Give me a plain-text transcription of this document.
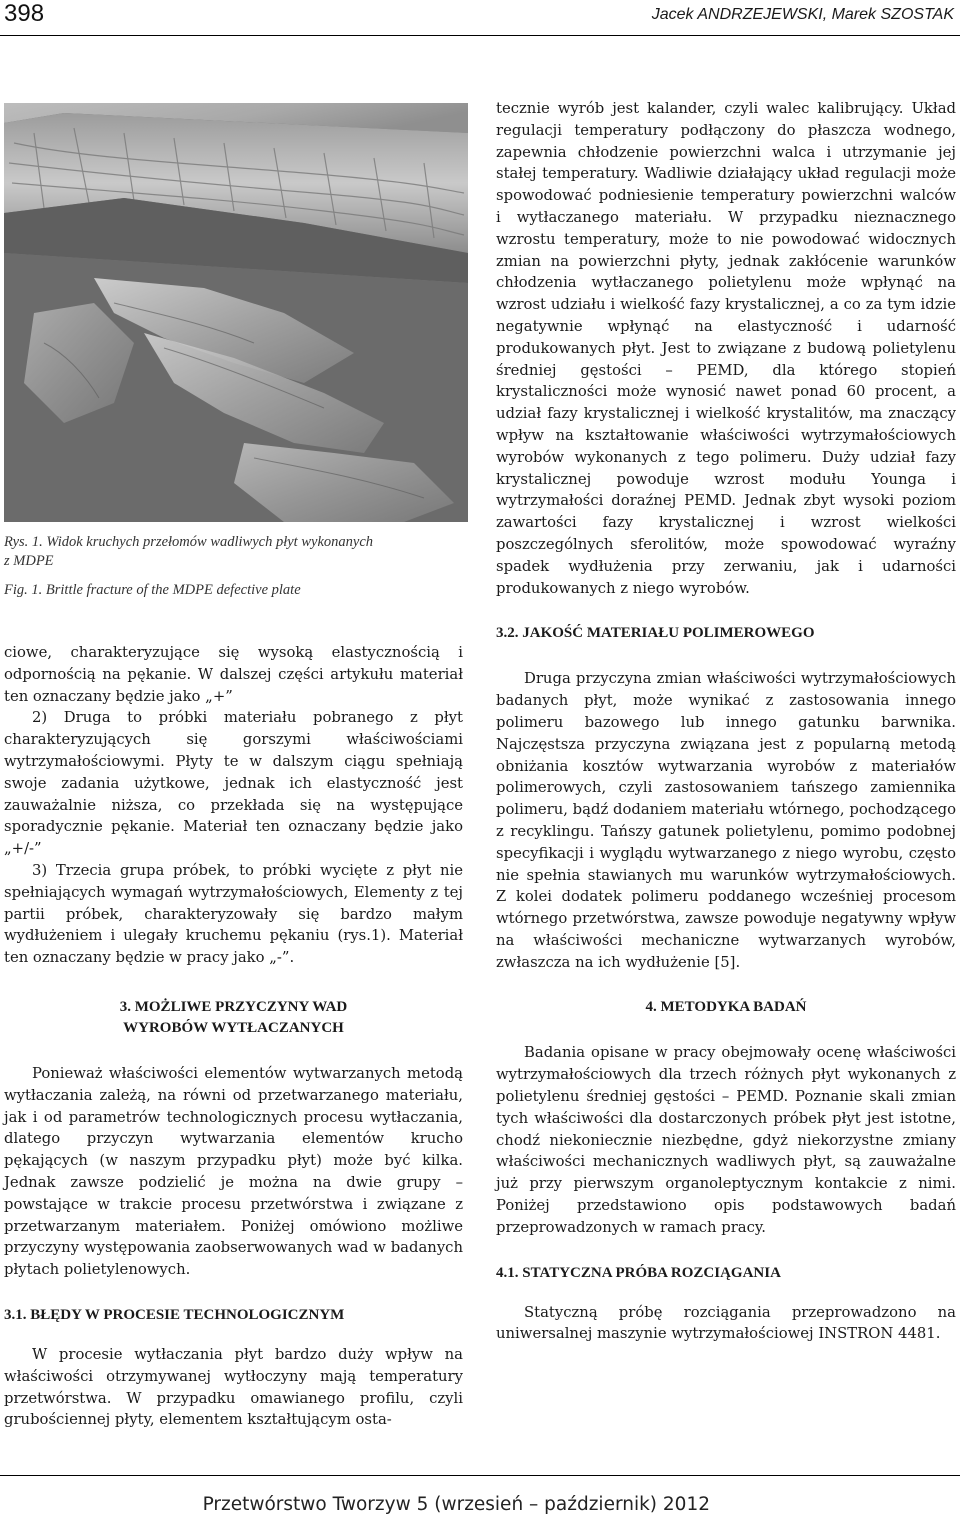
398	Jacek ANDRZEJEWSKI, Marek SZOSTAK
Rys. 1. Widok kruchych przełomów wadliwych płyt wykonanych
z MDPE
Fig. 1. Brittle fracture of the MDPE defective plate

ciowe, charakteryzujące się wysoką elastycznością i odpornością na pękanie. W dalszej części artykułu materiał ten oznaczany będzie jako „+”

2) Druga to próbki materiału pobranego z płyt charakteryzujących się gorszymi właściwościami wytrzymałościowymi. Płyty te w dalszym ciągu spełniają swoje zadania użytkowe, jednak ich elastyczność jest zauważalnie niższa, co przekłada się na występujące sporadycznie pękanie. Materiał ten oznaczany będzie jako „+/-”

3) Trzecia grupa próbek, to próbki wycięte z płyt nie spełniających wymagań wytrzymałościowych, Elementy z tej partii próbek, charakteryzowały się bardzo małym wydłużeniem i ulegały kruchemu pękaniu (rys.1). Materiał ten oznaczany będzie w pracy jako „-”.

3. MOŻLIWE PRZYCZYNY WAD

WYROBÓW WYTŁACZANYCH

Ponieważ właściwości elementów wytwarzanych metodą wytłaczania zależą, na równi od przetwarzanego materiału, jak i od parametrów technologicznych procesu wytłaczania, dlatego przyczyn wytwarzania elementów krucho pękających (w naszym przypadku płyt) może być kilka. Jednak zawsze podzielić je można na dwie grupy – powstające w trakcie procesu przetwórstwa i związane z przetwarzanym materiałem. Poniżej omówiono możliwe przyczyny występowania zaobserwowanych wad w badanych płytach polietylenowych.

3.1. BŁĘDY W PROCESIE TECHNOLOGICZNYM

W procesie wytłaczania płyt bardzo duży wpływ na właściwości otrzymywanej wytłoczyny mają temperatury przetwórstwa. W przypadku omawianego profilu, czyli grubościennej płyty, elementem kształtującym osta-

tecznie wyrób jest kalander, czyli walec kalibrujący. Układ regulacji temperatury podłączony do płaszcza wodnego, zapewnia chłodzenie powierzchni walca i utrzymanie jej stałej temperatury. Wadliwie działający układ regulacji może spowodować podniesienie temperatury powierzchni walców i wytłaczanego materiału. W przypadku nieznacznego wzrostu temperatury, może to nie powodować widocznych zmian na powierzchni płyty, jednak zakłócenie warunków chłodzenia wytłaczanego polietylenu może wpłynąć na wzrost udziału i wielkość fazy krystalicznej, a co za tym idzie negatywnie wpłynąć na elastyczność i udarność produkowanych płyt. Jest to związane z budową polietylenu średniej gęstości – PEMD, dla którego stopień krystaliczności może wynosić nawet ponad 60 procent, a udział fazy krystalicznej i wielkość krystalitów, ma znaczący wpływ na kształtowanie właściwości wytrzymałościowych wyrobów wykonanych z tego polimeru. Duży udział fazy krystalicznej powoduje wzrost modułu Younga i wytrzymałości doraźnej PEMD. Jednak zbyt wysoki poziom zawartości fazy krystalicznej i wzrost wielkości poszczególnych sferolitów, może spowodować wyraźny spadek wydłużenia przy zerwaniu, jak i udarności produkowanych z niego wyrobów.

3.2. JAKOŚĆ MATERIAŁU POLIMEROWEGO

Druga przyczyna zmian właściwości wytrzymałościowych badanych płyt, może wynikać z zastosowania innego polimeru bazowego lub innego gatunku barwnika. Najczęstsza przyczyna związana jest z popularną metodą obniżania kosztów wytwarzania wyrobów z materiałów polimerowych, czyli zastosowaniem tańszego zamiennika polimeru, bądź dodaniem materiału wtórnego, pochodzącego z recyklingu. Tańszy gatunek polietylenu, pomimo podobnej specyfikacji i wyglądu wytwarzanego z niego wyrobu, często nie spełnia stawianych mu warunków wytrzymałościowych. Z kolei dodatek polimeru poddanego wcześniej procesom wtórnego przetwórstwa, zawsze powoduje negatywny wpływ na właściwości mechaniczne wytwarzanych wyrobów, zwłaszcza na ich wydłużenie [5].

4. METODYKA BADAŃ

Badania opisane w pracy obejmowały ocenę właściwości wytrzymałościowych dla trzech różnych płyt wykonanych z polietylenu średniej gęstości – PEMD. Poznanie skali zmian tych właściwości dla dostarczonych próbek płyt jest istotne, chodź niekoniecznie niezbędne, gdyż niekorzystne zmiany właściwości mechanicznych wadliwych płyt, są zauważalne już przy pierwszym organoleptycznym kontakcie z nimi. Poniżej przedstawiono opis podstawowych badań przeprowadzonych w ramach pracy.

4.1. STATYCZNA PRÓBA ROZCIĄGANIA

Statyczną próbę rozciągania przeprowadzono na uniwersalnej maszynie wytrzymałościowej INSTRON 4481.

Przetwórstwo Tworzyw 5 (wrzesień – październik) 2012
